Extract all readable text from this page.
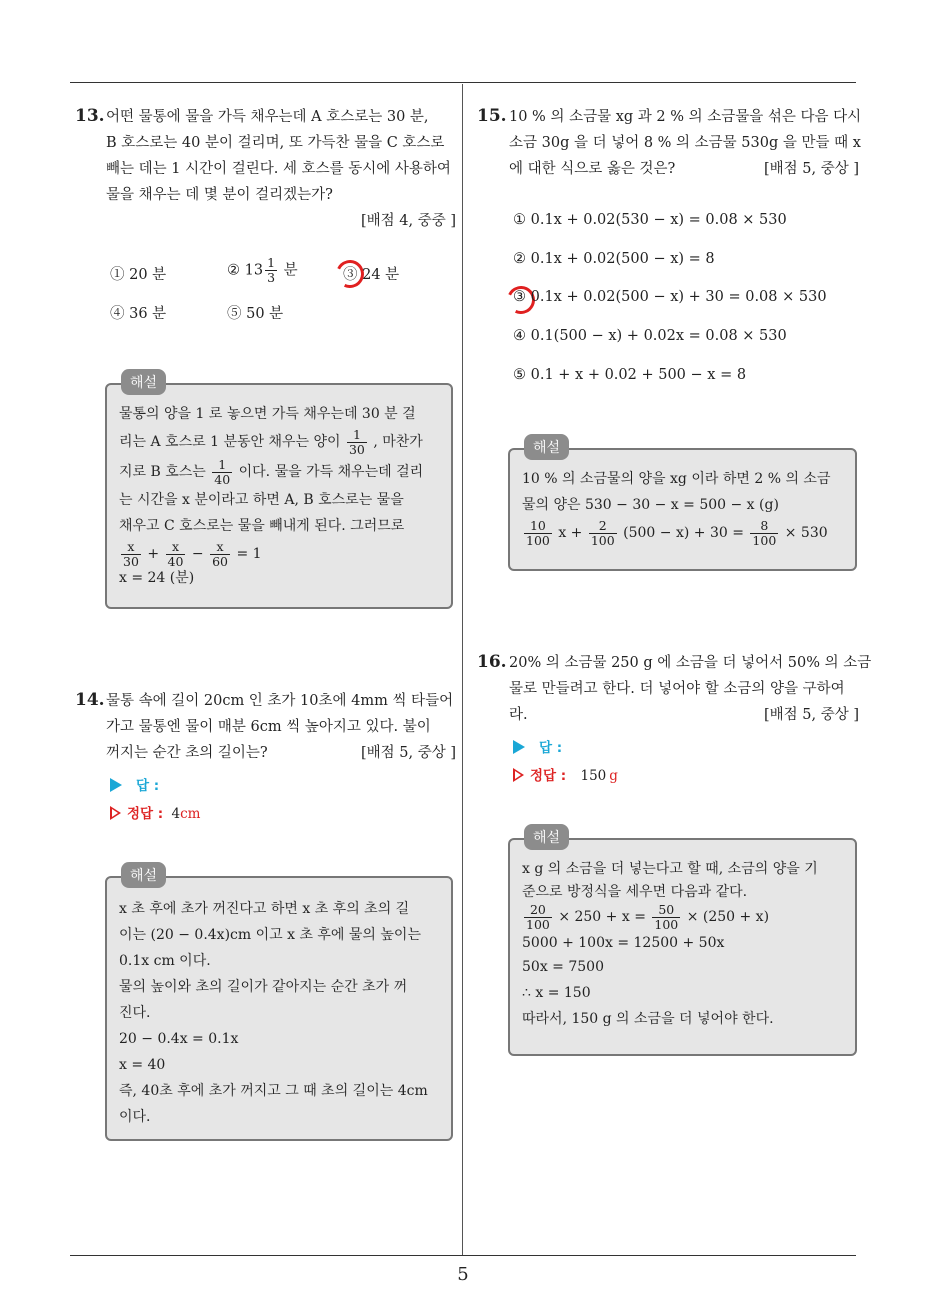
5
13. 어떤 물통에 물을 가득 채우는데 A 호스로는 30 분,
B 호스로는 40 분이 걸리며, 또 가득찬 물을 C 호스로
빼는 데는 1 시간이 걸린다. 세 호스를 동시에 사용하여
물을 채우는 데 몇 분이 걸리겠는가?
[배점 4, 중중 ]
① 20 분	② $13 \frac{1}{3}$ 분	③ 24 분
④ 36 분	⑤ 50 분
해설
물통의 양을 1 로 놓으면 가득 채우는데 30 분 걸
리는 A 호스로 1 분동안 채우는 양이 $\frac{1}{30}$ , 마찬가
지로 B 호스는 $\frac{1}{40}$ 이다. 물을 가득 채우는데 걸리
는 시간을 x 분이라고 하면 A, B 호스로는 물을
채우고 C 호스로는 물을 빼내게 된다. 그러므로
$\frac{x}{30} + \frac{x}{40} - \frac{x}{60} = 1$
x = 24 (분)
14. 물통 속에 길이 20cm 인 초가 10초에 4mm 씩 타들어
가고 물통엔 물이 매분 6cm 씩 높아지고 있다. 불이
꺼지는 순간 초의 길이는?	[배점 5, 중상 ]
답 :
정답 : 4cm
해설
x 초 후에 초가 꺼진다고 하면 x 초 후의 초의 길
이는 (20 − 0.4x)cm 이고 x 초 후에 물의 높이는
0.1x cm 이다.
물의 높이와 초의 길이가 같아지는 순간 초가 꺼
진다.
20 − 0.4x = 0.1x
x = 40
즉, 40초 후에 초가 꺼지고 그 때 초의 길이는 4cm
이다.
15. 10 % 의 소금물 xg 과 2 % 의 소금물을 섞은 다음 다시
소금 30g 을 더 넣어 8 % 의 소금물 530g 을 만들 때 x
에 대한 식으로 옳은 것은?	[배점 5, 중상 ]
① 0.1x + 0.02(530 − x) = 0.08 × 530
② 0.1x + 0.02(500 − x) = 8
③ 0.1x + 0.02(500 − x) + 30 = 0.08 × 530
④ 0.1(500 − x) + 0.02x = 0.08 × 530
⑤ 0.1 + x + 0.02 + 500 − x = 8
해설
10 % 의 소금물의 양을 xg 이라 하면 2 % 의 소금
물의 양은 530 − 30 − x = 500 − x (g)
$\frac{10}{100}$ $x + \frac{2}{100} (500 - x) + 30 = \frac{8}{100} \times 530$
16. 20% 의 소금물 250 g 에 소금을 더 넣어서 50% 의 소금
물로 만들려고 한다. 더 넣어야 할 소금의 양을 구하여
라.	[배점 5, 중상 ]
답 :
정답 : 150 g
해설
x g 의 소금을 더 넣는다고 할 때, 소금의 양을 기
준으로 방정식을 세우면 다음과 같다.
$\frac{20}{100} \times 250 + x = \frac{50}{100} \times (250 + x)$
5000 + 100x = 12500 + 50x
50x = 7500
∴ x = 150
따라서, 150 g 의 소금을 더 넣어야 한다.
